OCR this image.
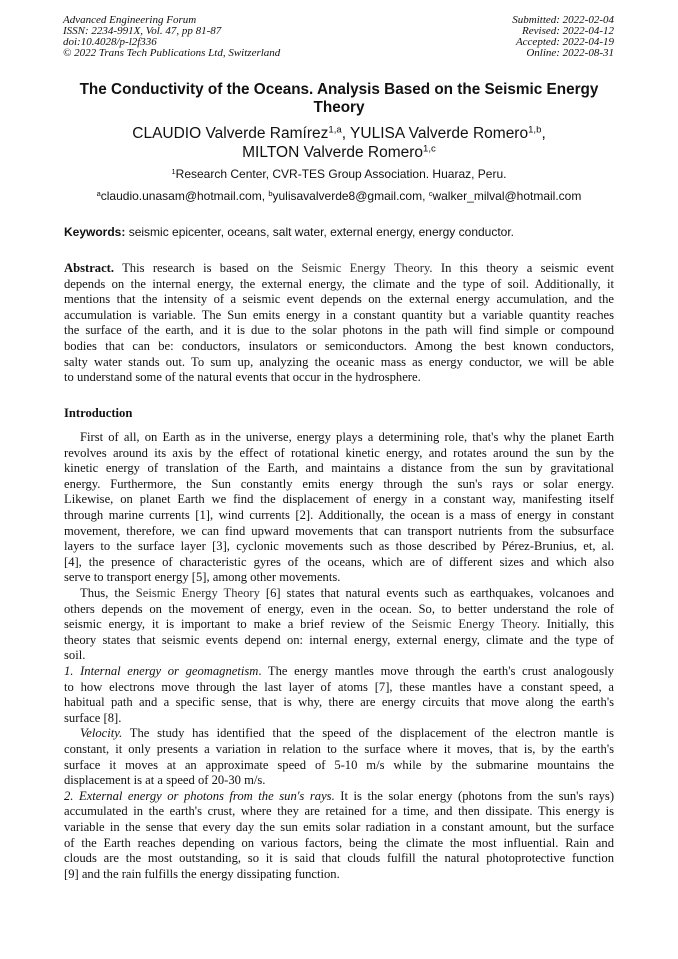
Advanced Engineering Forum
ISSN: 2234-991X, Vol. 47, pp 81-87
doi:10.4028/p-l2f336
© 2022 Trans Tech Publications Ltd, Switzerland
Submitted: 2022-02-04
Revised: 2022-04-12
Accepted: 2022-04-19
Online: 2022-08-31
The Conductivity of the Oceans. Analysis Based on the Seismic Energy
Theory
CLAUDIO Valverde Ramírez$^{1,a}$, YULISA Valverde Romero$^{1,b}$,
MILTON Valverde Romero$^{1,c}$
$^1$Research Center, CVR-TES Group Association. Huaraz, Peru.
$^a$claudio.unasam@hotmail.com, $^b$yulisavalverde8@gmail.com, $^c$walker_milval@hotmail.com
Keywords: seismic epicenter, oceans, salt water, external energy, energy conductor.
Abstract. This research is based on the Seismic Energy Theory. In this theory a seismic event
depends on the internal energy, the external energy, the climate and the type of soil. Additionally, it
mentions that the intensity of a seismic event depends on the external energy accumulation, and the
accumulation is variable. The Sun emits energy in a constant quantity but a variable quantity reaches
the surface of the earth, and it is due to the solar photons in the path will find simple or compound
bodies that can be: conductors, insulators or semiconductors. Among the best known conductors,
salty water stands out. To sum up, analyzing the oceanic mass as energy conductor, we will be able
to understand some of the natural events that occur in the hydrosphere.
Introduction
First of all, on Earth as in the universe, energy plays a determining role, that's why the planet Earth
revolves around its axis by the effect of rotational kinetic energy, and rotates around the sun by the
kinetic energy of translation of the Earth, and maintains a distance from the sun by gravitational
energy. Furthermore, the Sun constantly emits energy through the sun's rays or solar energy.
Likewise, on planet Earth we find the displacement of energy in a constant way, manifesting itself
through marine currents [1], wind currents [2]. Additionally, the ocean is a mass of energy in constant
movement, therefore, we can find upward movements that can transport nutrients from the subsurface
layers to the surface layer [3], cyclonic movements such as those described by Pérez-Brunius, et, al.
[4], the presence of characteristic gyres of the oceans, which are of different sizes and which also
serve to transport energy [5], among other movements.
Thus, the Seismic Energy Theory [6] states that natural events such as earthquakes, volcanoes and
others depends on the movement of energy, even in the ocean. So, to better understand the role of
seismic energy, it is important to make a brief review of the Seismic Energy Theory. Initially, this
theory states that seismic events depend on: internal energy, external energy, climate and the type of
soil.
1. Internal energy or geomagnetism. The energy mantles move through the earth's crust analogously
to how electrons move through the last layer of atoms [7], these mantles have a constant speed, a
habitual path and a specific sense, that is why, there are energy circuits that move along the earth's
surface [8].
Velocity. The study has identified that the speed of the displacement of the electron mantle is
constant, it only presents a variation in relation to the surface where it moves, that is, by the earth's
surface it moves at an approximate speed of 5-10 m/s while by the submarine mountains the
displacement is at a speed of 20-30 m/s.
2. External energy or photons from the sun's rays. It is the solar energy (photons from the sun's rays)
accumulated in the earth's crust, where they are retained for a time, and then dissipate. This energy is
variable in the sense that every day the sun emits solar radiation in a constant amount, but the surface
of the Earth reaches depending on various factors, being the climate the most influential. Rain and
clouds are the most outstanding, so it is said that clouds fulfill the natural photoprotective function
[9] and the rain fulfills the energy dissipating function.
